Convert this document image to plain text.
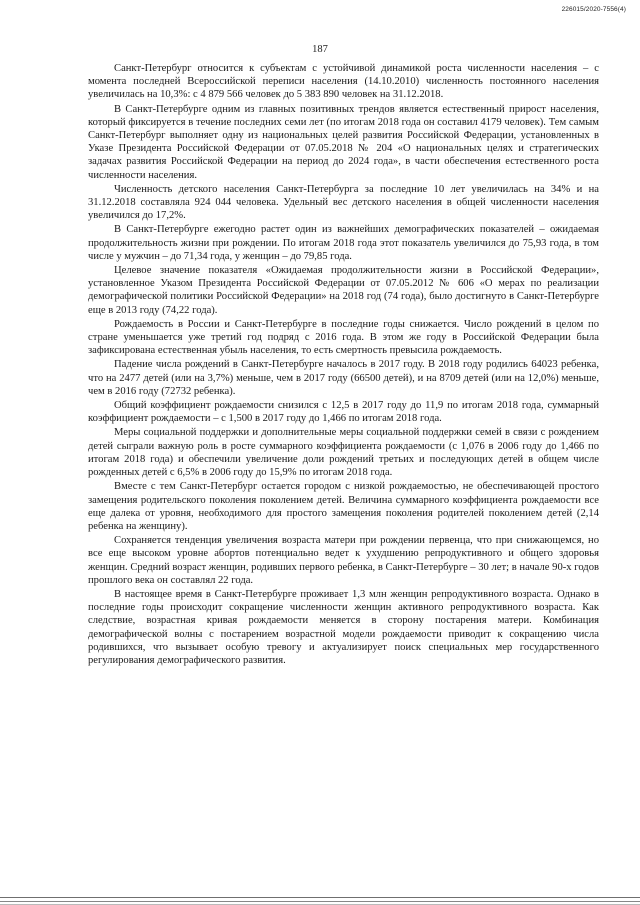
226015/2020-7556(4)
187

Санкт-Петербург относится к субъектам с устойчивой динамикой роста численности населения – с момента последней Всероссийской переписи населения (14.10.2010) численность постоянного населения увеличилась на 10,3%: с 4 879 566 человек до 5 383 890 человек на 31.12.2018.

В Санкт-Петербурге одним из главных позитивных трендов является естественный прирост населения, который фиксируется в течение последних семи лет (по итогам 2018 года он составил 4179 человек). Тем самым Санкт-Петербург выполняет одну из национальных целей развития Российской Федерации, установленных в Указе Президента Российской Федерации от 07.05.2018 № 204 «О национальных целях и стратегических задачах развития Российской Федерации на период до 2024 года», в части обеспечения естественного роста численности населения.

Численность детского населения Санкт-Петербурга за последние 10 лет увеличилась на 34% и на 31.12.2018 составляла 924 044 человека. Удельный вес детского населения в общей численности населения увеличился до 17,2%.

В Санкт-Петербурге ежегодно растет один из важнейших демографических показателей – ожидаемая продолжительность жизни при рождении. По итогам 2018 года этот показатель увеличился до 75,93 года, в том числе у мужчин – до 71,34 года, у женщин – до 79,85 года.

Целевое значение показателя «Ожидаемая продолжительности жизни в Российской Федерации», установленное Указом Президента Российской Федерации от 07.05.2012 № 606 «О мерах по реализации демографической политики Российской Федерации» на 2018 год (74 года), было достигнуто в Санкт-Петербурге еще в 2013 году (74,22 года).

Рождаемость в России и Санкт-Петербурге в последние годы снижается. Число рождений в целом по стране уменьшается уже третий год подряд с 2016 года. В этом же году в Российской Федерации была зафиксирована естественная убыль населения, то есть смертность превысила рождаемость.

Падение числа рождений в Санкт-Петербурге началось в 2017 году. В 2018 году родились 64023 ребенка, что на 2477 детей (или на 3,7%) меньше, чем в 2017 году (66500 детей), и на 8709 детей (или на 12,0%) меньше, чем в 2016 году (72732 ребенка).

Общий коэффициент рождаемости снизился с 12,5 в 2017 году до 11,9 по итогам 2018 года, суммарный коэффициент рождаемости – с 1,500 в 2017 году до 1,466 по итогам 2018 года.

Меры социальной поддержки и дополнительные меры социальной поддержки семей в связи с рождением детей сыграли важную роль в росте суммарного коэффициента рождаемости (с 1,076 в 2006 году до 1,466 по итогам 2018 года) и обеспечили увеличение доли рождений третьих и последующих детей в общем числе рожденных детей с 6,5% в 2006 году до 15,9% по итогам 2018 года.

Вместе с тем Санкт-Петербург остается городом с низкой рождаемостью, не обеспечивающей простого замещения родительского поколения поколением детей. Величина суммарного коэффициента рождаемости все еще далека от уровня, необходимого для простого замещения поколения родителей поколением детей (2,14 ребенка на женщину).

Сохраняется тенденция увеличения возраста матери при рождении первенца, что при снижающемся, но все еще высоком уровне абортов потенциально ведет к ухудшению репродуктивного и общего здоровья женщин. Средний возраст женщин, родивших первого ребенка, в Санкт-Петербурге – 30 лет; в начале 90-х годов прошлого века он составлял 22 года.

В настоящее время в Санкт-Петербурге проживает 1,3 млн женщин репродуктивного возраста. Однако в последние годы происходит сокращение численности женщин активного репродуктивного возраста. Как следствие, возрастная кривая рождаемости меняется в сторону постарения матери. Комбинация демографической волны с постарением возрастной модели рождаемости приводит к сокращению числа родившихся, что вызывает особую тревогу и актуализирует поиск специальных мер государственного регулирования демографического развития.
